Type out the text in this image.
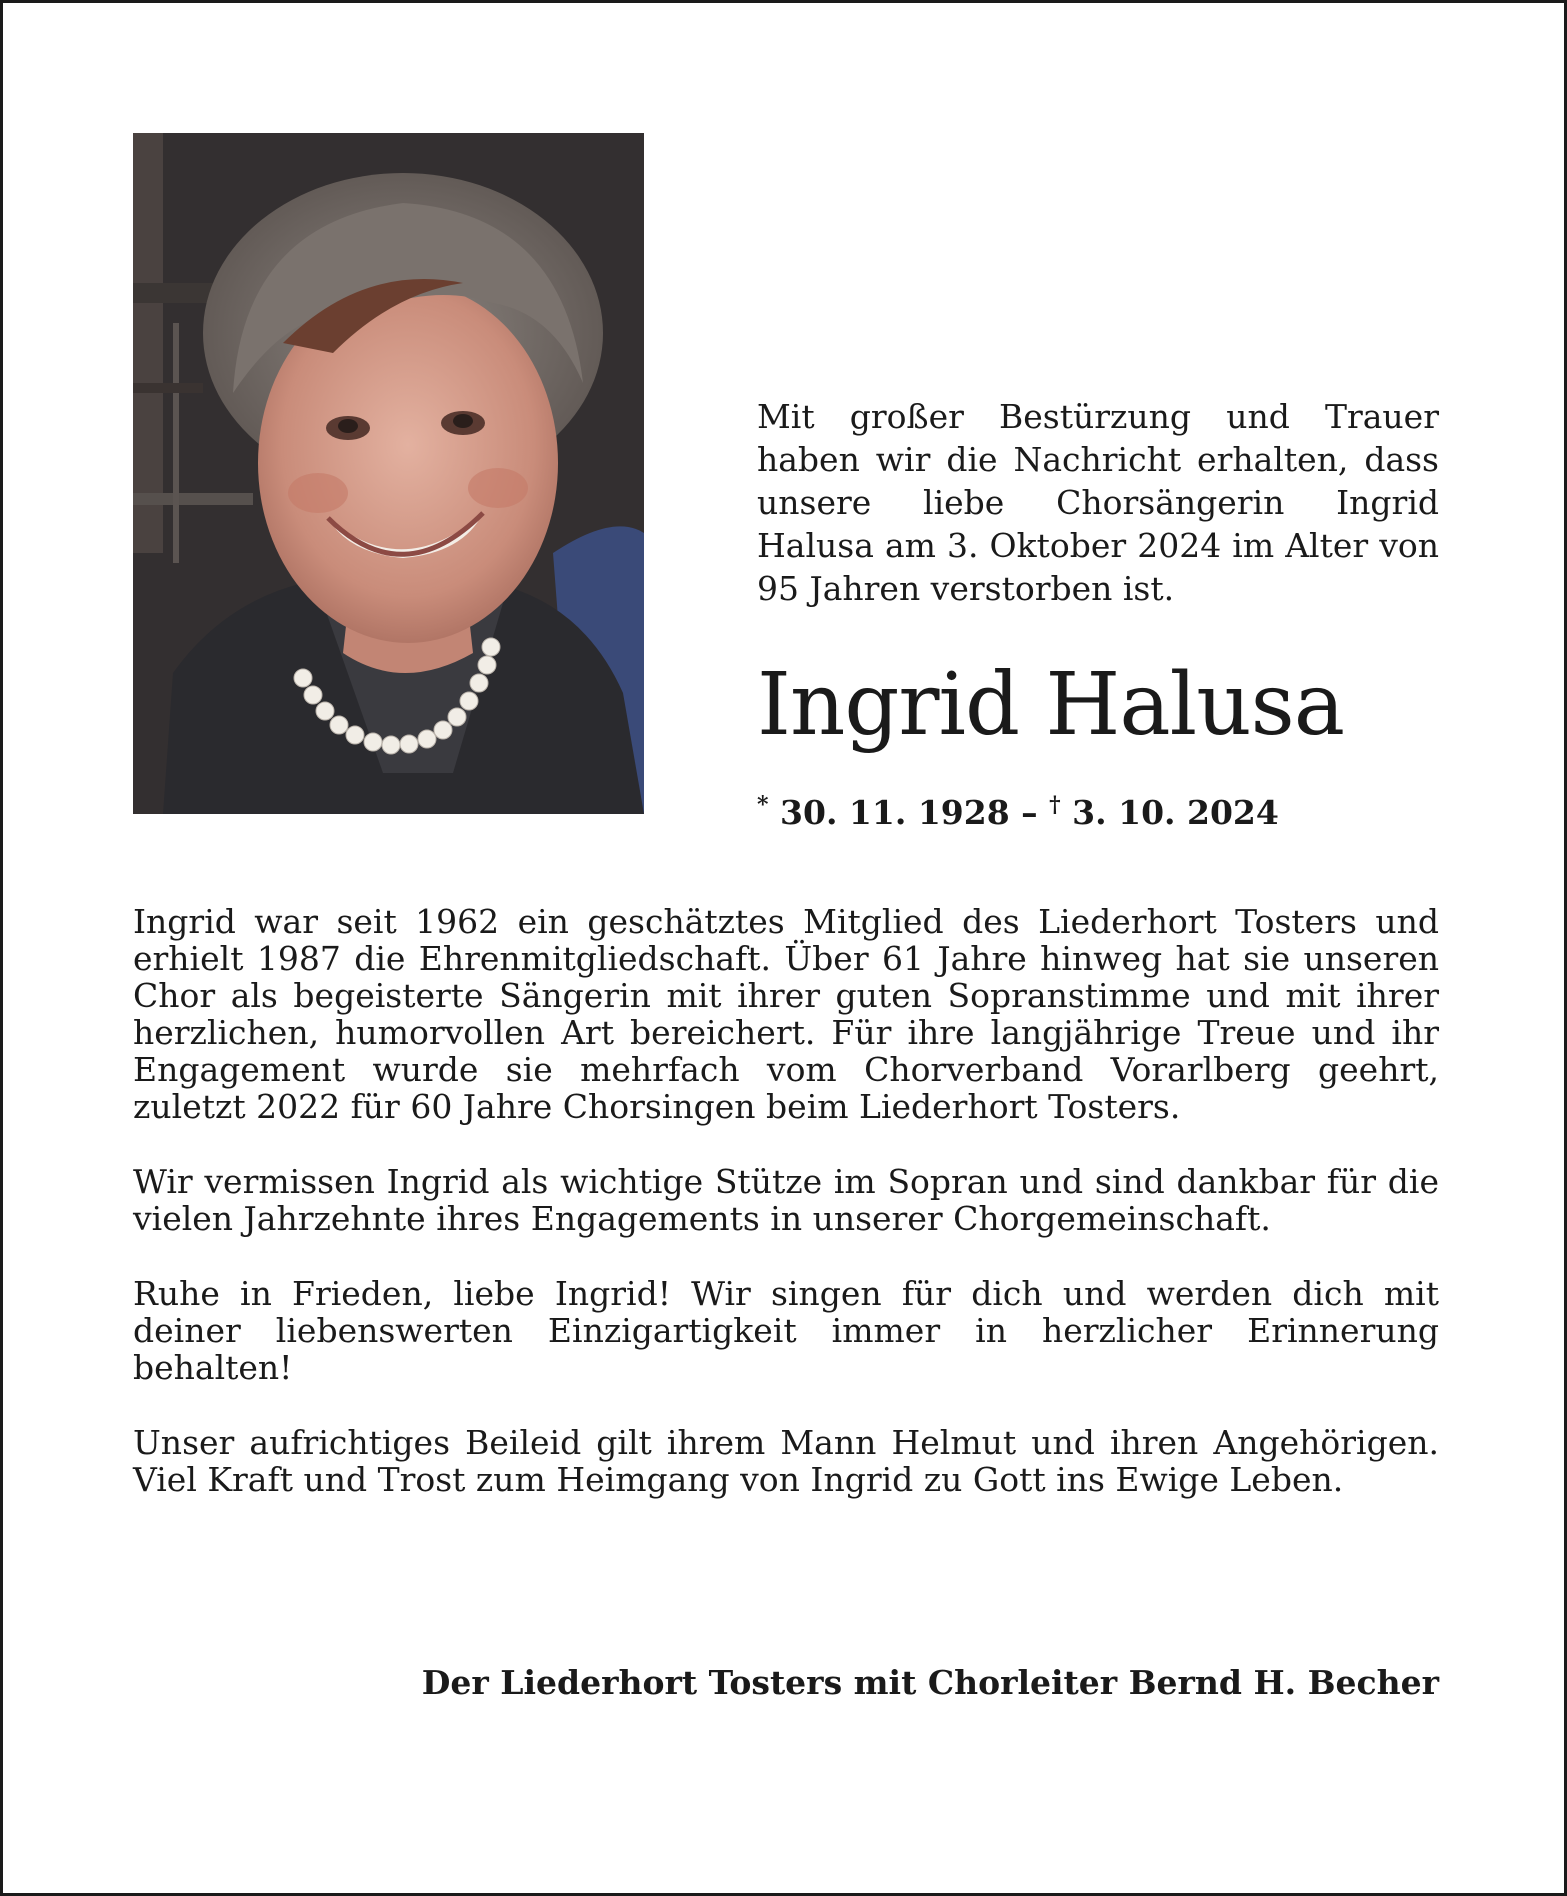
Mit großer Bestürzung und Trauer haben wir die Nachricht erhalten, dass unsere liebe Chorsängerin Ingrid Halusa am 3. Oktober 2024 im Alter von 95 Jahren verstorben ist.

Ingrid Halusa
* 30. 11. 1928 – † 3. 10. 2024

Ingrid war seit 1962 ein geschätztes Mitglied des Liederhort Tosters und erhielt 1987 die Ehrenmitgliedschaft. Über 61 Jahre hinweg hat sie unseren Chor als begeisterte Sängerin mit ihrer guten Sopranstimme und mit ihrer herzlichen, humorvollen Art bereichert. Für ihre langjährige Treue und ihr Engagement wurde sie mehrfach vom Chorverband Vorarlberg geehrt, zuletzt 2022 für 60 Jahre Chorsingen beim Liederhort Tosters.

Wir vermissen Ingrid als wichtige Stütze im Sopran und sind dankbar für die vielen Jahrzehnte ihres Engagements in unserer Chorgemeinschaft.

Ruhe in Frieden, liebe Ingrid! Wir singen für dich und werden dich mit deiner liebenswerten Einzigartigkeit immer in herzlicher Erinnerung behalten!

Unser aufrichtiges Beileid gilt ihrem Mann Helmut und ihren Angehörigen. Viel Kraft und Trost zum Heimgang von Ingrid zu Gott ins Ewige Leben.

Der Liederhort Tosters mit Chorleiter Bernd H. Becher
